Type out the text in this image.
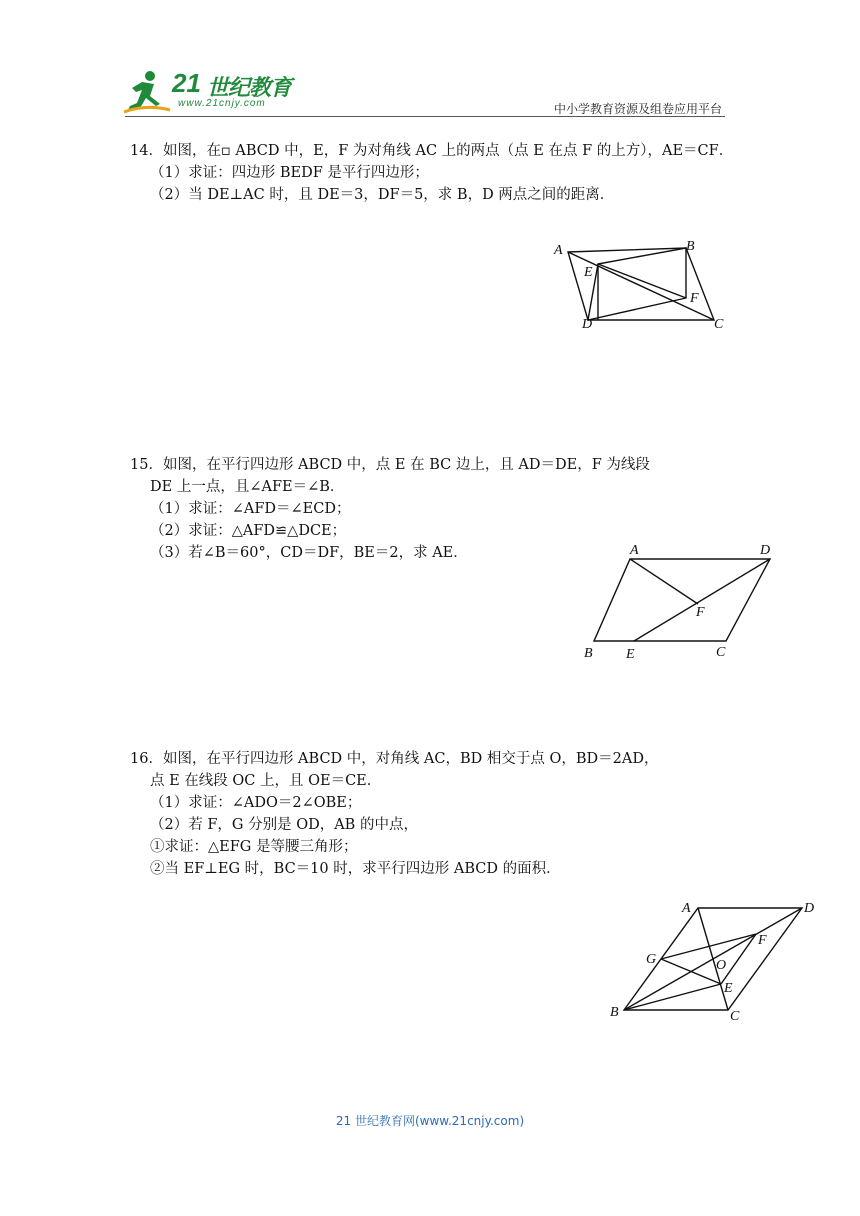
21 世纪教育
www.21cnjy.com	中小学教育资源及组卷应用平台
14．如图，在▫ ABCD 中，E，F 为对角线 AC 上的两点（点 E 在点 F 的上方），AE＝CF．
（1）求证：四边形 BEDF 是平行四边形；
（2）当 DE⊥AC 时，且 DE＝3，DF＝5，求 B，D 两点之间的距离．
A	B
C
D
E
F
15．如图，在平行四边形 ABCD 中，点 E 在 BC 边上，且 AD＝DE，F 为线段
DE 上一点，且∠AFE＝∠B．
（1）求证：∠AFD＝∠ECD；
（2）求证：△AFD≌△DCE；
（3）若∠B＝60°，CD＝DF，BE＝2，求 AE．	A	D
F
B E	C
16．如图，在平行四边形 ABCD 中，对角线 AC，BD 相交于点 O，BD＝2AD，
点 E 在线段 OC 上，且 OE＝CE．
（1）求证：∠ADO＝2∠OBE；
（2）若 F，G 分别是 OD，AB 的中点，
①求证：△EFG 是等腰三角形；
②当 EF⊥EG 时，BC＝10 时，求平行四边形 ABCD 的面积．
A	D
F
G	O
E
B	C
21 世纪教育网(www.21cnjy.com)
